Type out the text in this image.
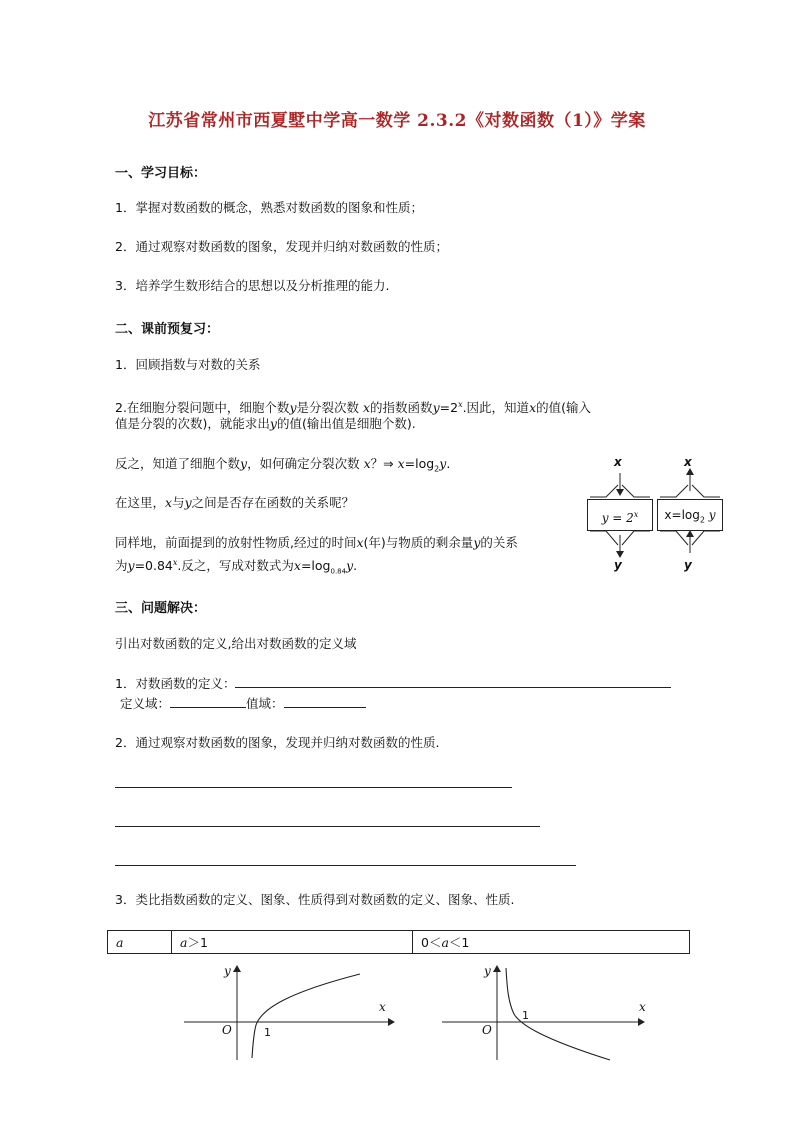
江苏省常州市西夏墅中学高一数学 2.3.2《对数函数（1）》学案
一、学习目标：
1．掌握对数函数的概念，熟悉对数函数的图象和性质；
2．通过观察对数函数的图象，发现并归纳对数函数的性质；
3．培养学生数形结合的思想以及分析推理的能力.
二、课前预复习：
1．回顾指数与对数的关系
2.在细胞分裂问题中，细胞个数y是分裂次数 x的指数函数$y=2^x$.因此，知道x的值(输入
值是分裂的次数)，就能求出y的值(输出值是细胞个数).
反之，知道了细胞个数y，如何确定分裂次数 x？⇒ $x=\log_2y$.
在这里，x与y之间是否存在函数的关系呢？
同样地，前面提到的放射性物质,经过的时间x(年)与物质的剩余量y的关系
为$y=0.84^x$.反之，写成对数式为$x=\log_{0.84}y$.
x
y
x
y
$y = 2^x$	$x=\log_2$ y
三、问题解决：
引出对数函数的定义,给出对数函数的定义域
1．对数函数的定义：
定义域：	值域：
2．通过观察对数函数的图象，发现并归纳对数函数的性质.
3．类比指数函数的定义、图象、性质得到对数函数的定义、图象、性质.
a	a＞1	0＜a＜1
y
x
O	1
y
x
O
1
